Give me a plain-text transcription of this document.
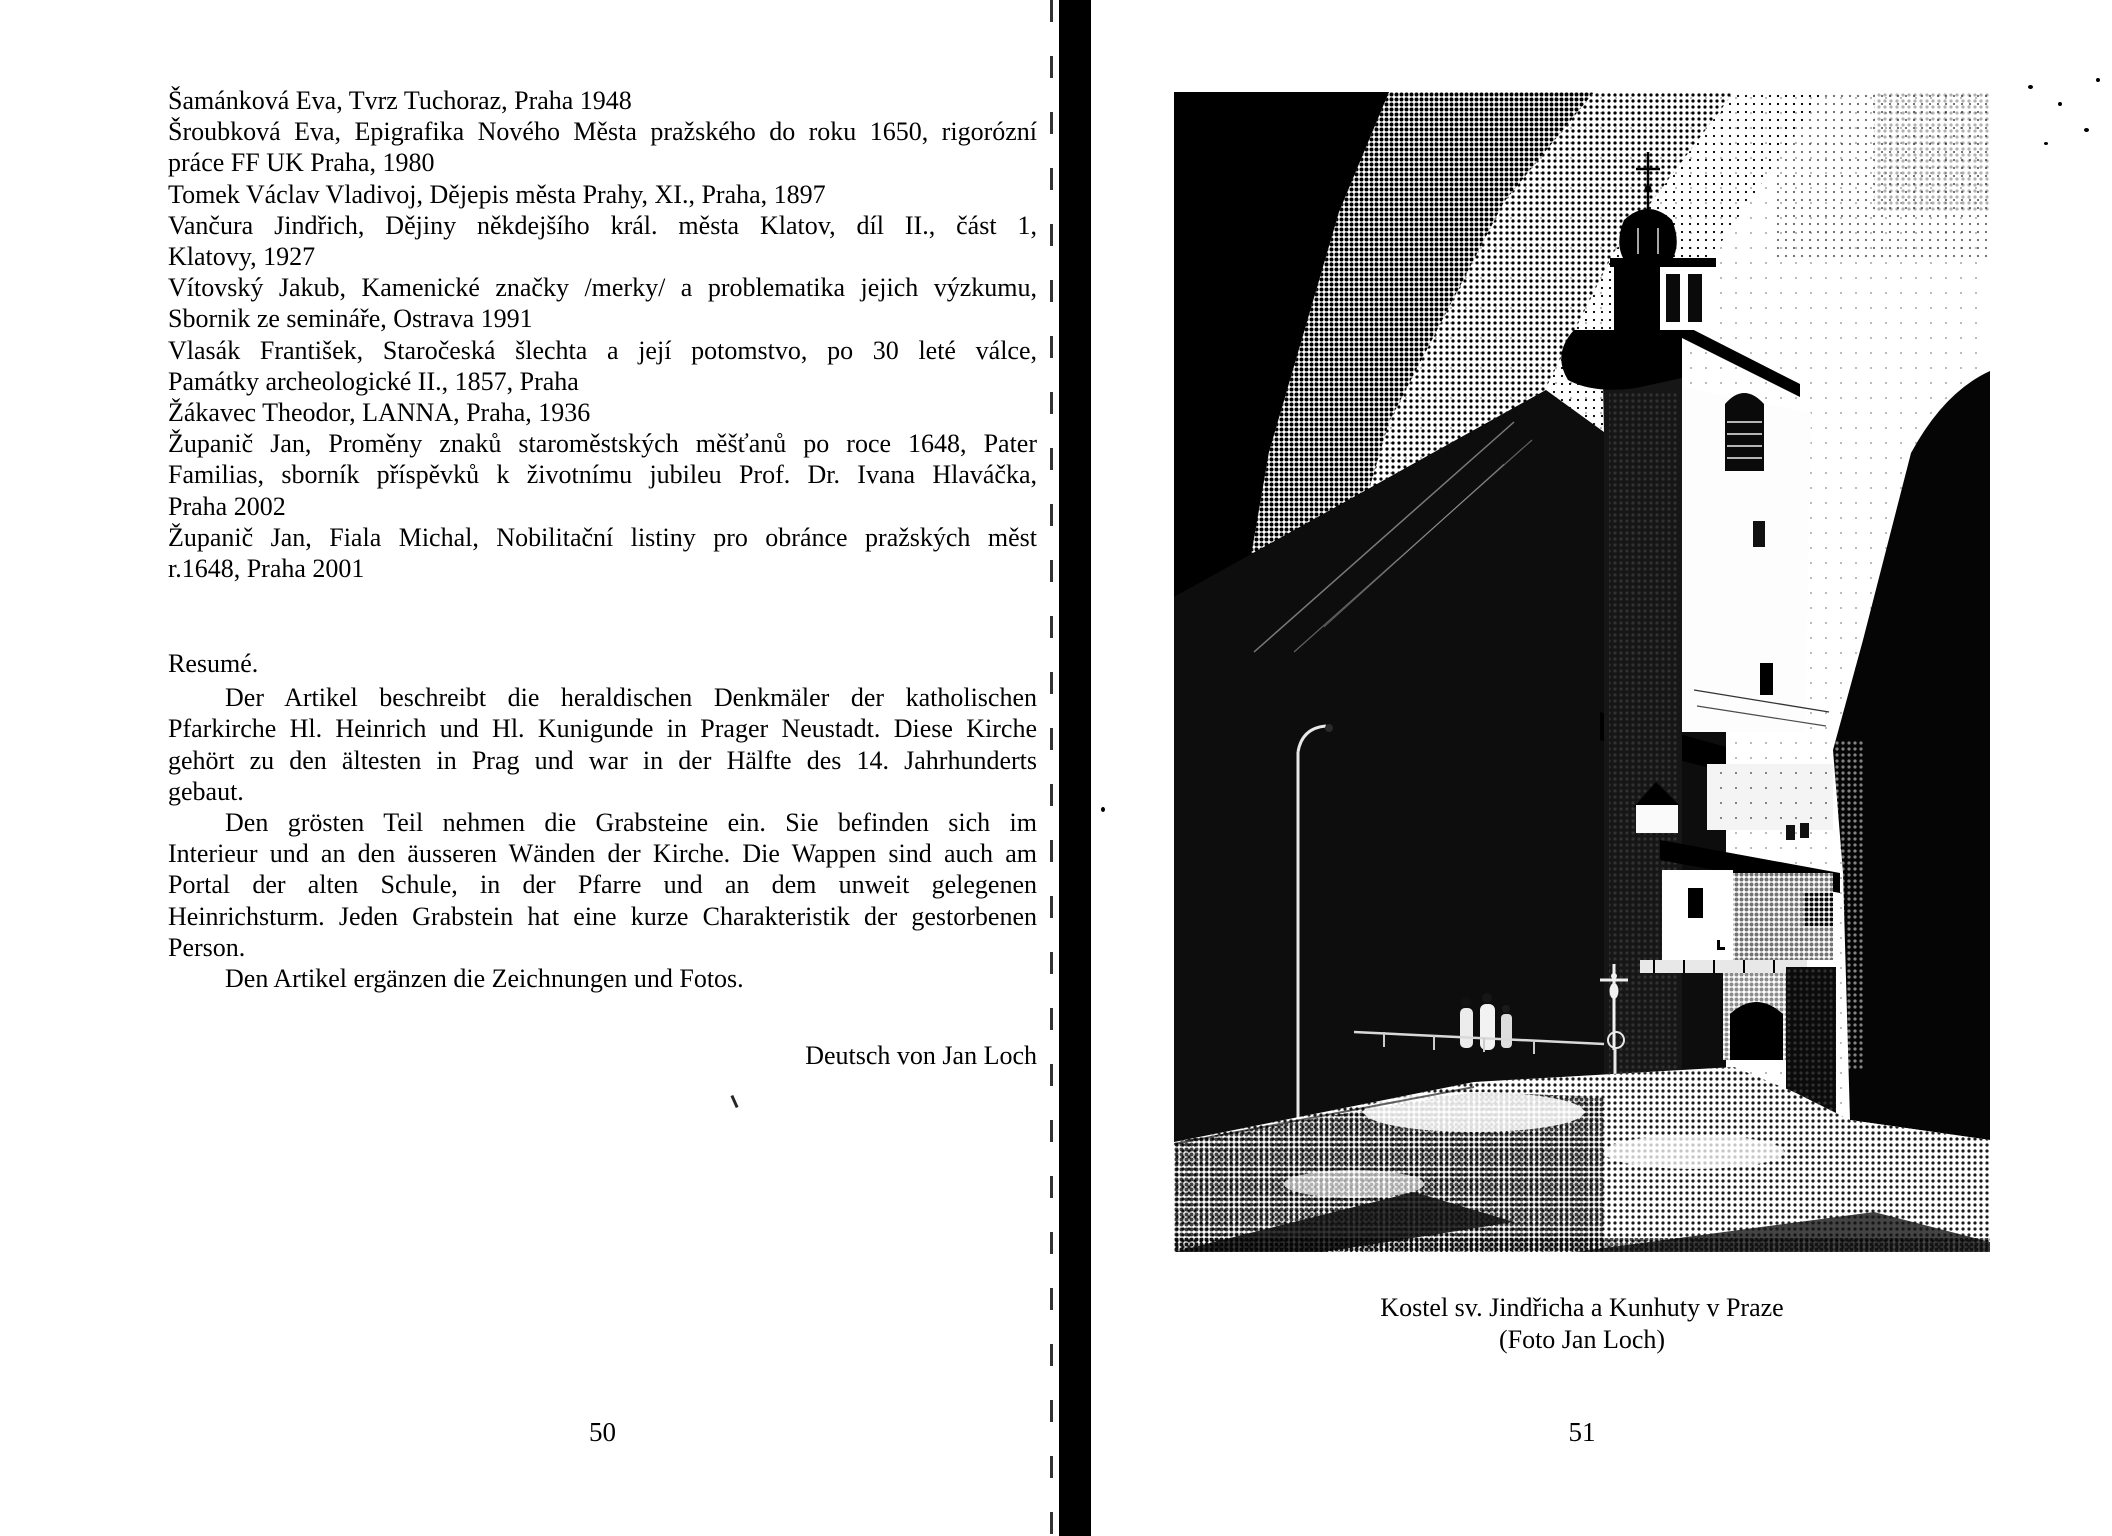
Šamánková Eva, Tvrz Tuchoraz, Praha 1948

Šroubková Eva, Epigrafika Nového Města pražského do roku 1650, rigorózní
práce FF UK Praha, 1980

Tomek Václav Vladivoj, Dějepis města Prahy, XI., Praha, 1897

Vančura Jindřich, Dějiny někdejšího král. města Klatov, díl II., část 1,
Klatovy, 1927

Vítovský Jakub, Kamenické značky /merky/ a problematika jejich výzkumu,
Sbornik ze semináře, Ostrava 1991

Vlasák František, Staročeská šlechta a její potomstvo, po 30 leté válce,
Památky archeologické II., 1857, Praha

Žákavec Theodor, LANNA, Praha, 1936

Županič Jan, Proměny znaků staroměstských měšťanů po roce 1648, Pater
Familias, sborník příspěvků k životnímu jubileu Prof. Dr. Ivana Hlaváčka,
Praha 2002

Županič Jan, Fiala Michal, Nobilitační listiny pro obránce pražských měst
r.1648, Praha 2001

Resumé.

Der Artikel beschreibt die heraldischen Denkmäler der katholischen
Pfarkirche Hl. Heinrich und Hl. Kunigunde in Prager Neustadt. Diese Kirche
gehört zu den ältesten in Prag und war in der Hälfte des 14. Jahrhunderts
gebaut.

Den grösten Teil nehmen die Grabsteine ein. Sie befinden sich im
Interieur und an den äusseren Wänden der Kirche. Die Wappen sind auch am
Portal der alten Schule, in der Pfarre und an dem unweit gelegenen
Heinrichsturm. Jeden Grabstein hat eine kurze Charakteristik der gestorbenen
Person.

Den Artikel ergänzen die Zeichnungen und Fotos.

Deutsch von Jan Loch
50
Kostel sv. Jindřicha a Kunhuty v Praze
(Foto Jan Loch)
51
